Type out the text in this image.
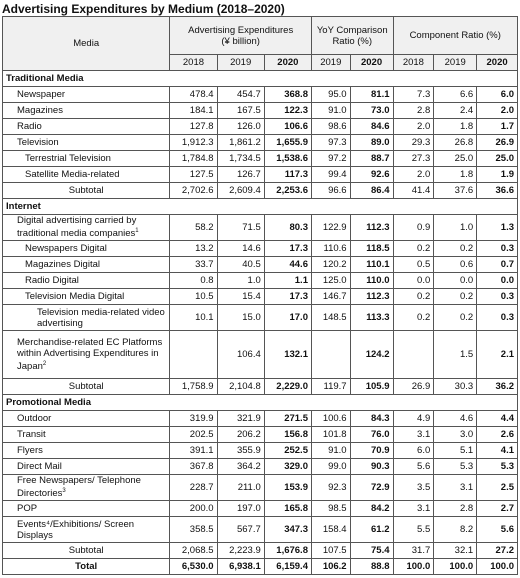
Advertising Expenditures by Medium (2018–2020)
Media	Advertising Expenditures
(¥ billion)			YoY Comparison Ratio (%)		Component Ratio (%)		
	2018	2019	2020	2019	2020	2018	2019	2020
Traditional Media								
Newspaper	478.4	454.7	368.8	95.0	81.1	7.3	6.6	6.0
Magazines	184.1	167.5	122.3	91.0	73.0	2.8	2.4	2.0
Radio	127.8	126.0	106.6	98.6	84.6	2.0	1.8	1.7
Television	1,912.3	1,861.2	1,655.9	97.3	89.0	29.3	26.8	26.9
Terrestrial Television	1,784.8	1,734.5	1,538.6	97.2	88.7	27.3	25.0	25.0
Satellite Media-related	127.5	126.7	117.3	99.4	92.6	2.0	1.8	1.9
Subtotal	2,702.6	2,609.4	2,253.6	96.6	86.4	41.4	37.6	36.6
Internet								
Digital advertising carried by traditional media companies$^1$	58.2	71.5	80.3	122.9	112.3	0.9	1.0	1.3
Newspapers Digital	13.2	14.6	17.3	110.6	118.5	0.2	0.2	0.3
Magazines Digital	33.7	40.5	44.6	120.2	110.1	0.5	0.6	0.7
Radio Digital	0.8	1.0	1.1	125.0	110.0	0.0	0.0	0.0
Television Media Digital	10.5	15.4	17.3	146.7	112.3	0.2	0.2	0.3
Television media-related video advertising	10.1	15.0	17.0	148.5	113.3	0.2	0.2	0.3
Merchandise-related EC Platforms within Advertising Expenditures in Japan$^2$		106.4	132.1		124.2		1.5	2.1
Subtotal	1,758.9	2,104.8	2,229.0	119.7	105.9	26.9	30.3	36.2
Promotional Media								
Outdoor	319.9	321.9	271.5	100.6	84.3	4.9	4.6	4.4
Transit	202.5	206.2	156.8	101.8	76.0	3.1	3.0	2.6
Flyers	391.1	355.9	252.5	91.0	70.9	6.0	5.1	4.1
Direct Mail	367.8	364.2	329.0	99.0	90.3	5.6	5.3	5.3
Free Newspapers/ Telephone Directories$^3$	228.7	211.0	153.9	92.3	72.9	3.5	3.1	2.5
POP	200.0	197.0	165.8	98.5	84.2	3.1	2.8	2.7
Events⁴/Exhibitions/ Screen Displays	358.5	567.7	347.3	158.4	61.2	5.5	8.2	5.6
Subtotal	2,068.5	2,223.9	1,676.8	107.5	75.4	31.7	32.1	27.2
Total	6,530.0	6,938.1	6,159.4	106.2	88.8	100.0	100.0	100.0
